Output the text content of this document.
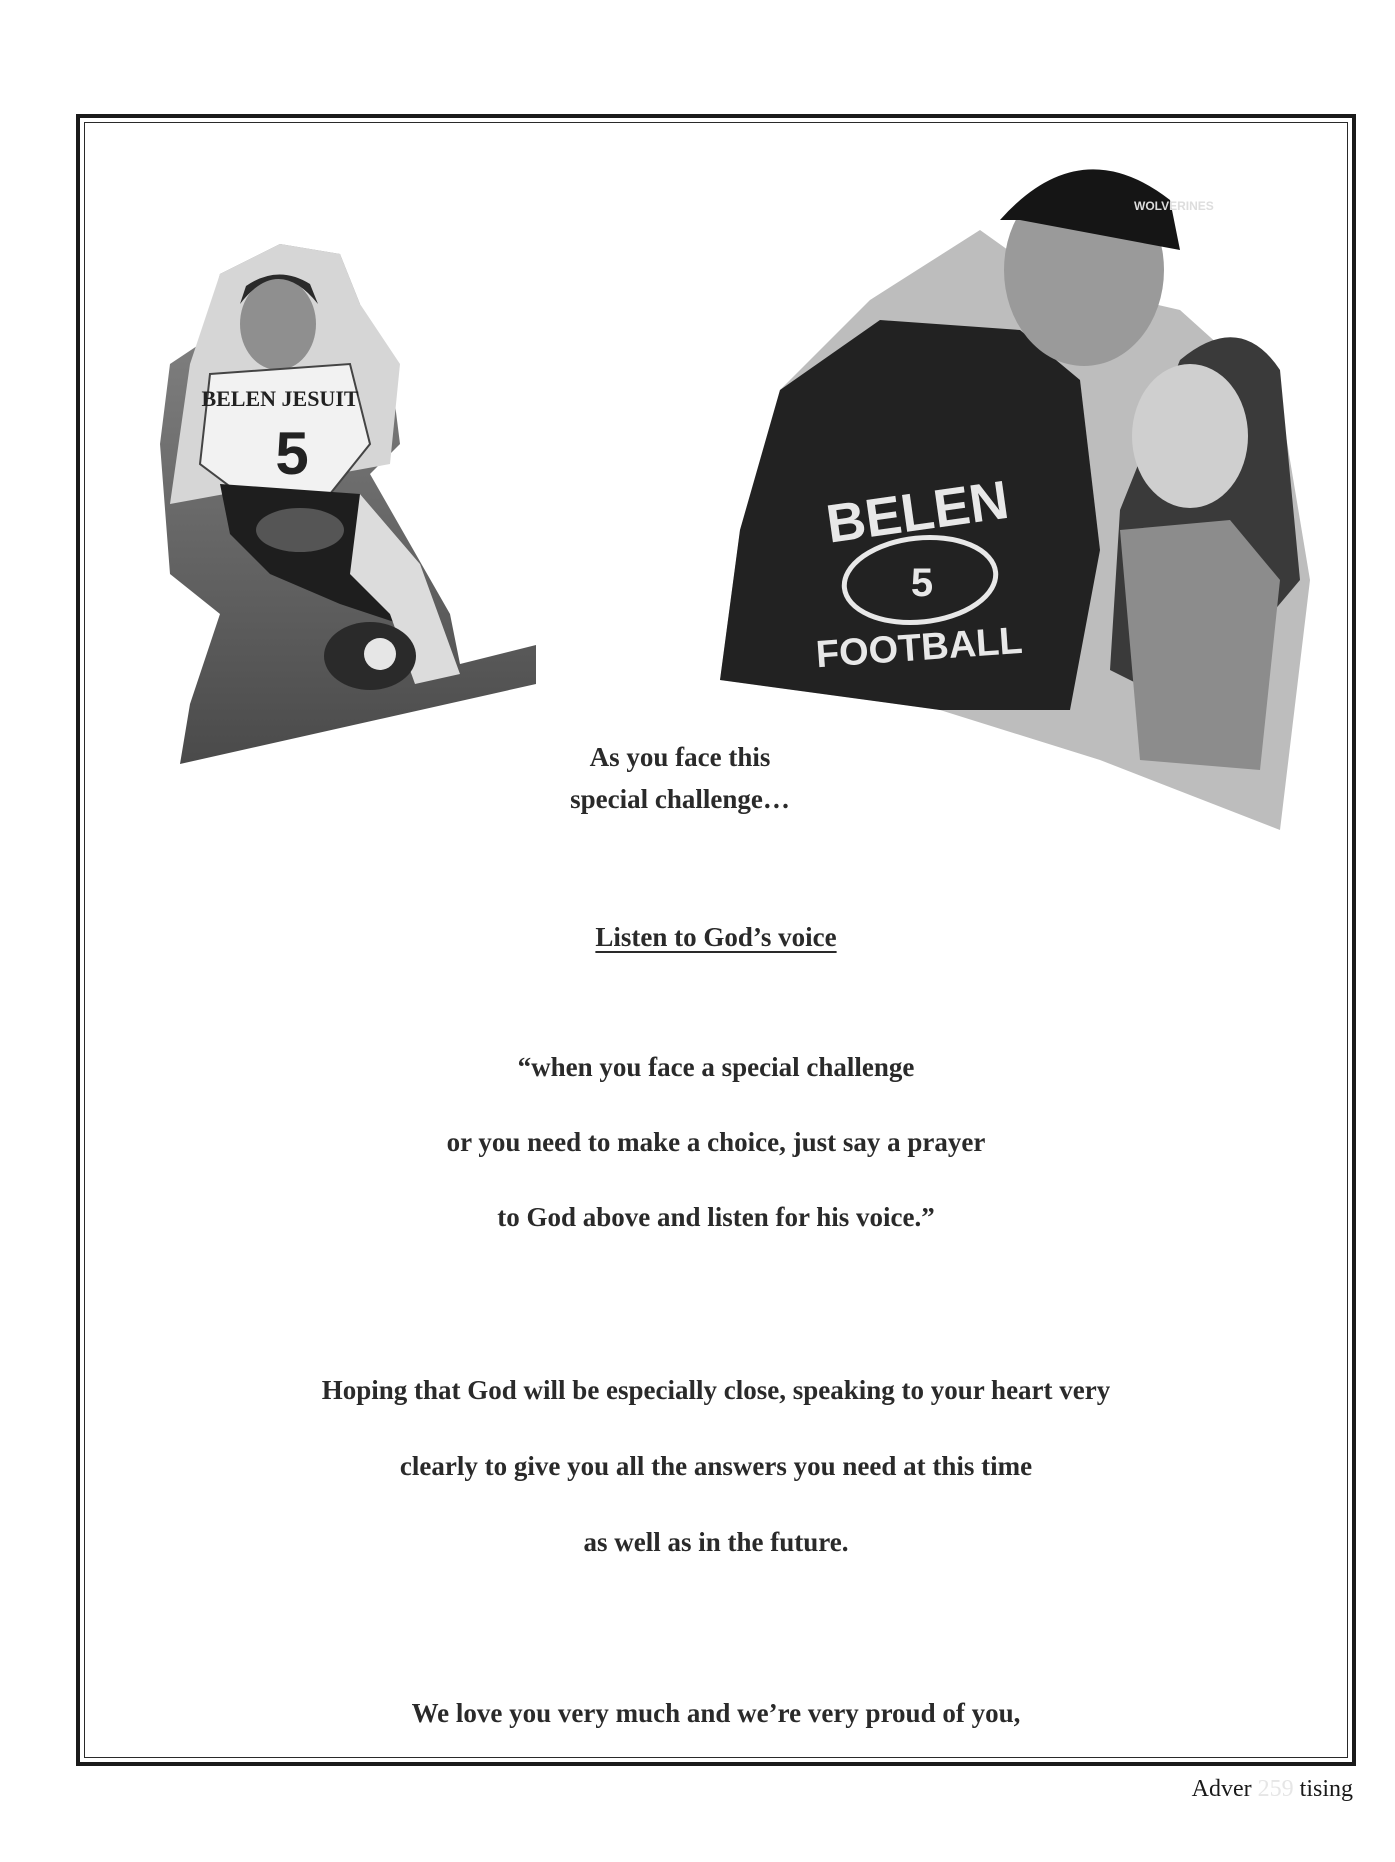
BELEN JESUIT
5
WOLVERINES
BELEN
5
FOOTBALL
As you face this
special challenge…
Listen to God’s voice
“when you face a special challenge
or you need to make a choice, just say a prayer
to God above and listen for his voice.”
Hoping that God will be especially close, speaking to your heart very
clearly to give you all the answers you need at this time
as well as in the future.
We love you very much and we’re very proud of you,
Adver 259 tising
